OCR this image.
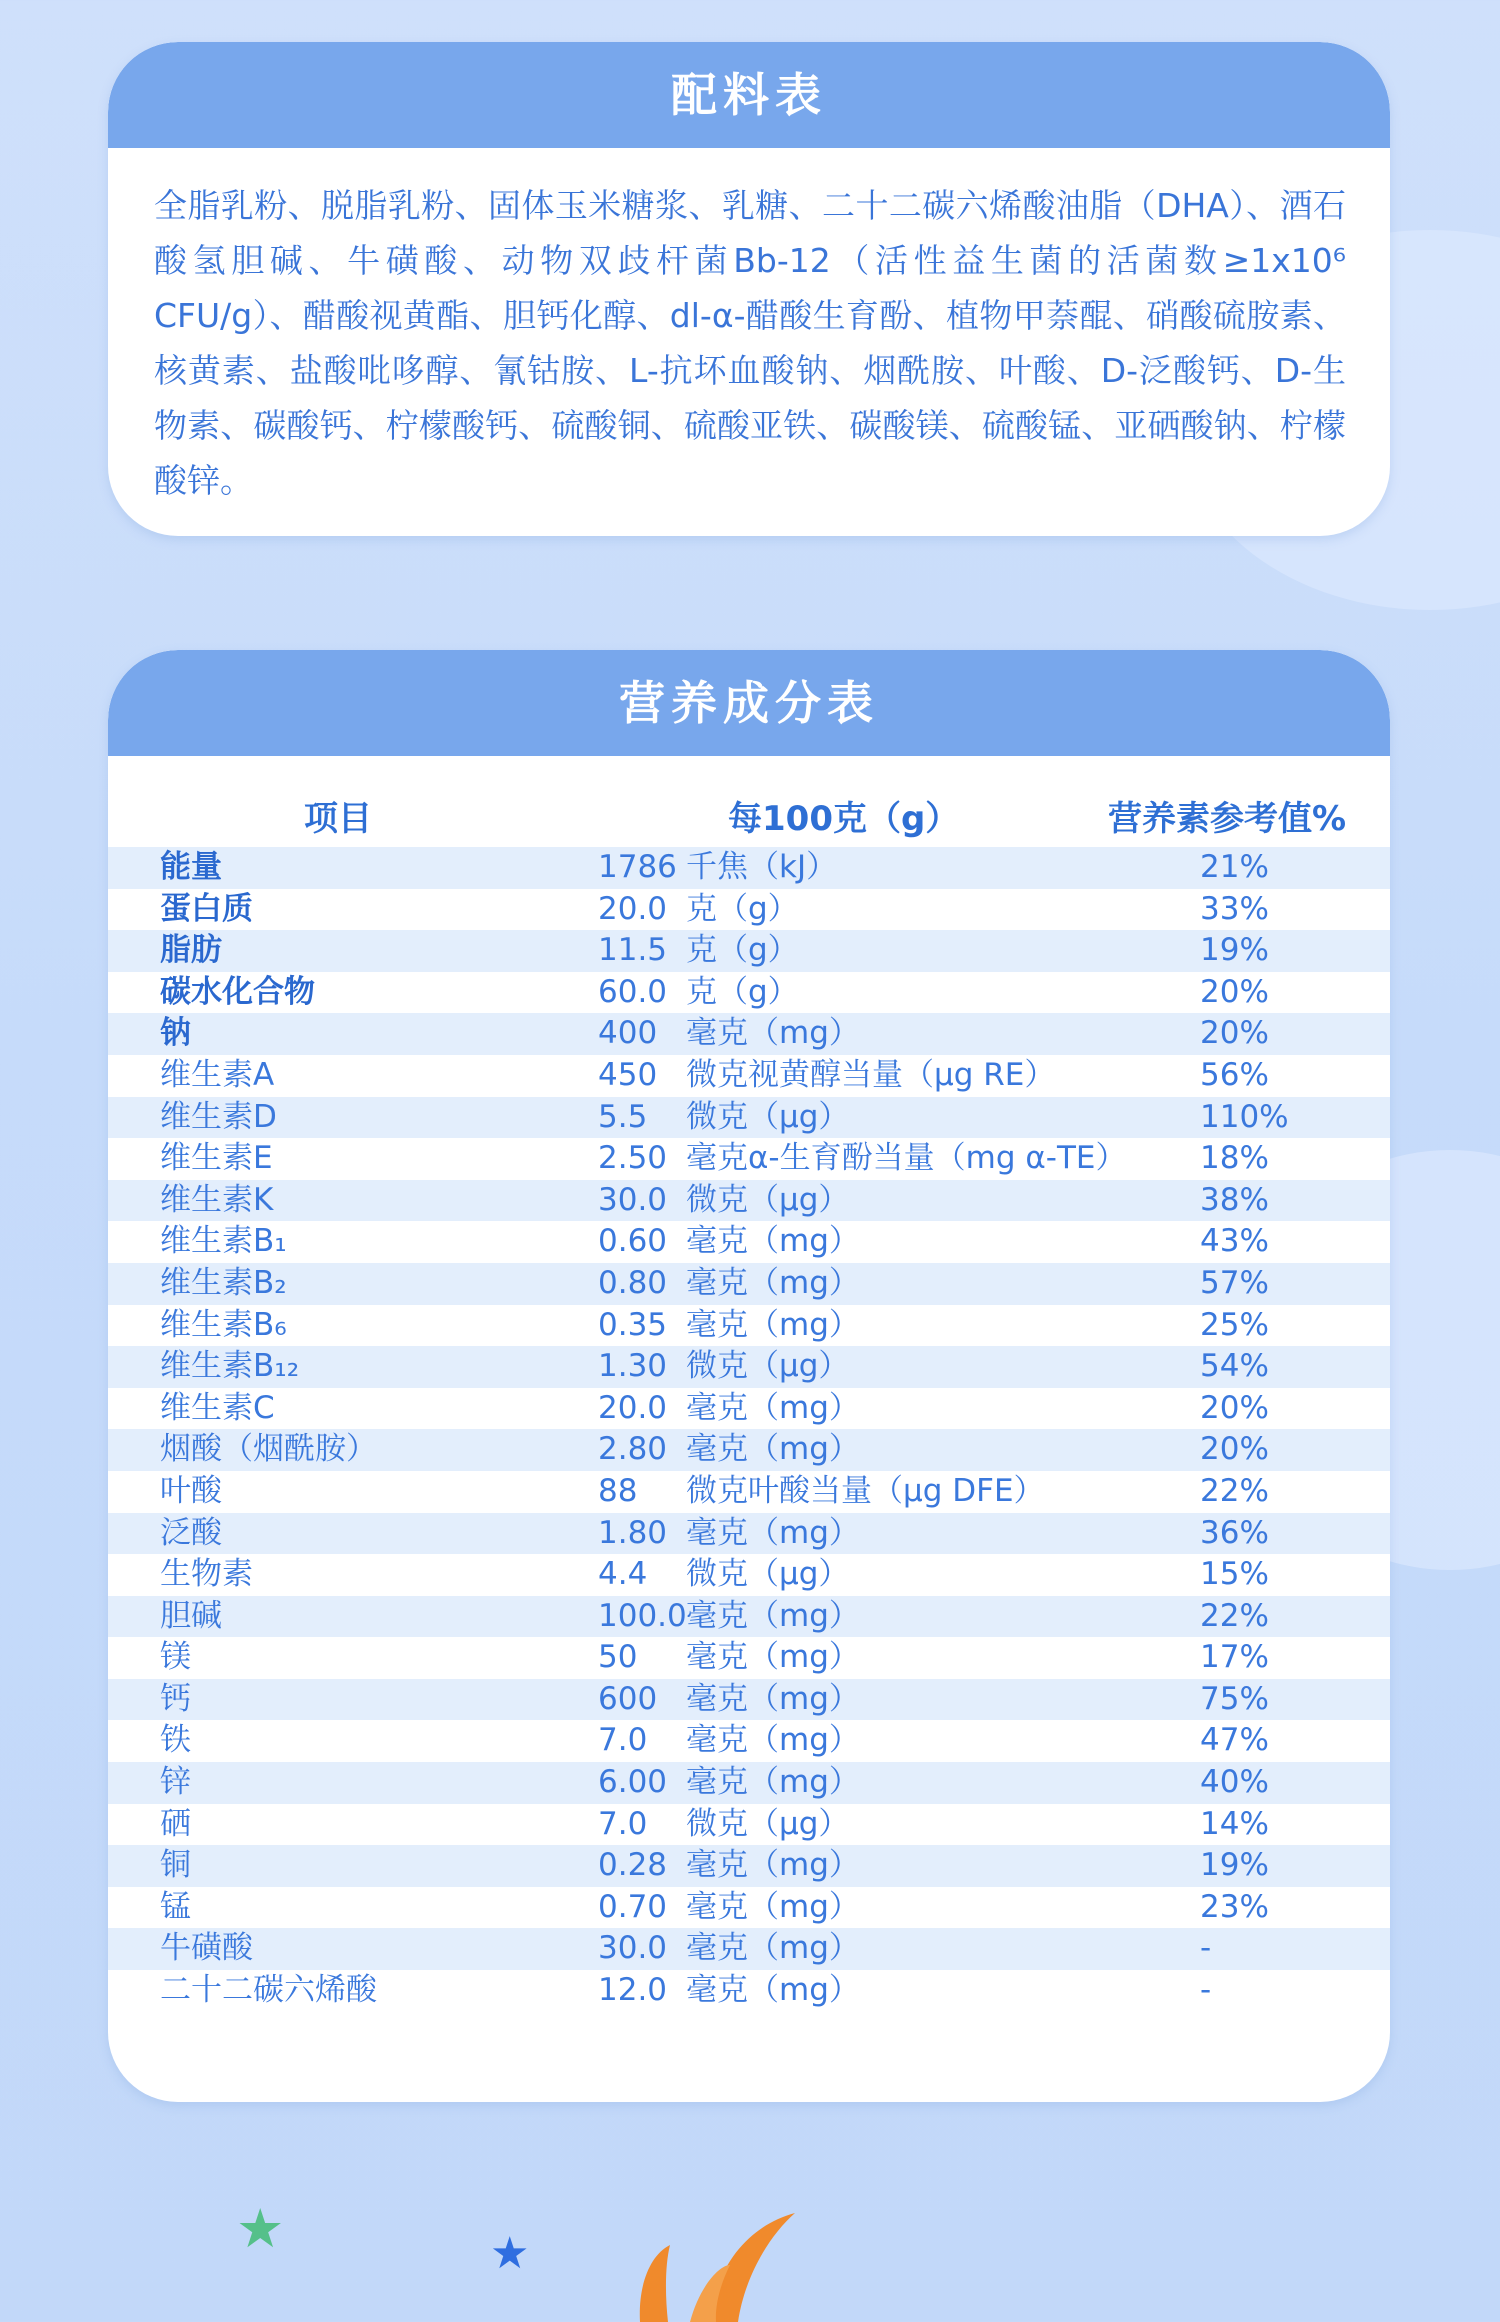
配料表
全脂乳粉、脱脂乳粉、固体玉米糖浆、乳糖、二十二碳六烯酸油脂（DHA）、酒石酸氢胆碱、牛磺酸、动物双歧杆菌Bb-12（活性益生菌的活菌数≥1x10⁶ CFU/g）、醋酸视黄酯、胆钙化醇、dl-α-醋酸生育酚、植物甲萘醌、硝酸硫胺素、核黄素、盐酸吡哆醇、氰钴胺、L-抗坏血酸钠、烟酰胺、叶酸、D-泛酸钙、D-生物素、碳酸钙、柠檬酸钙、硫酸铜、硫酸亚铁、碳酸镁、硫酸锰、亚硒酸钠、柠檬酸锌。
营养成分表
项目	每100克（g）	营养素参考值%
能量	1786 千焦（kJ）	21%
蛋白质	20.0 克（g）	33%
脂肪	11.5 克（g）	19%
碳水化合物	60.0 克（g）	20%
钠	400 毫克（mg）	20%
维生素A	450 微克视黄醇当量（μg RE）	56%
维生素D	5.5 微克（μg）	110%
维生素E	2.50 毫克α-生育酚当量（mg α-TE） 18%
维生素K	30.0 微克（μg）	38%
维生素B₁	0.60 毫克（mg）	43%
维生素B₂	0.80 毫克（mg）	57%
维生素B₆	0.35 毫克（mg）	25%
维生素B₁₂	1.30 微克（μg）	54%
维生素C	20.0 毫克（mg）	20%
烟酸（烟酰胺）	2.80 毫克（mg）	20%
叶酸	88 微克叶酸当量（μg DFE）	22%
泛酸	1.80 毫克（mg）	36%
生物素	4.4 微克（μg）	15%
胆碱	100.0 毫克（mg）	22%
镁	50 毫克（mg）	17%
钙	600 毫克（mg）	75%
铁	7.0 毫克（mg）	47%
锌	6.00 毫克（mg）	40%
硒	7.0 微克（μg）	14%
铜	0.28 毫克（mg）	19%
锰	0.70 毫克（mg）	23%
牛磺酸	30.0 毫克（mg）	-
二十二碳六烯酸	12.0 毫克（mg）	-
★	★
